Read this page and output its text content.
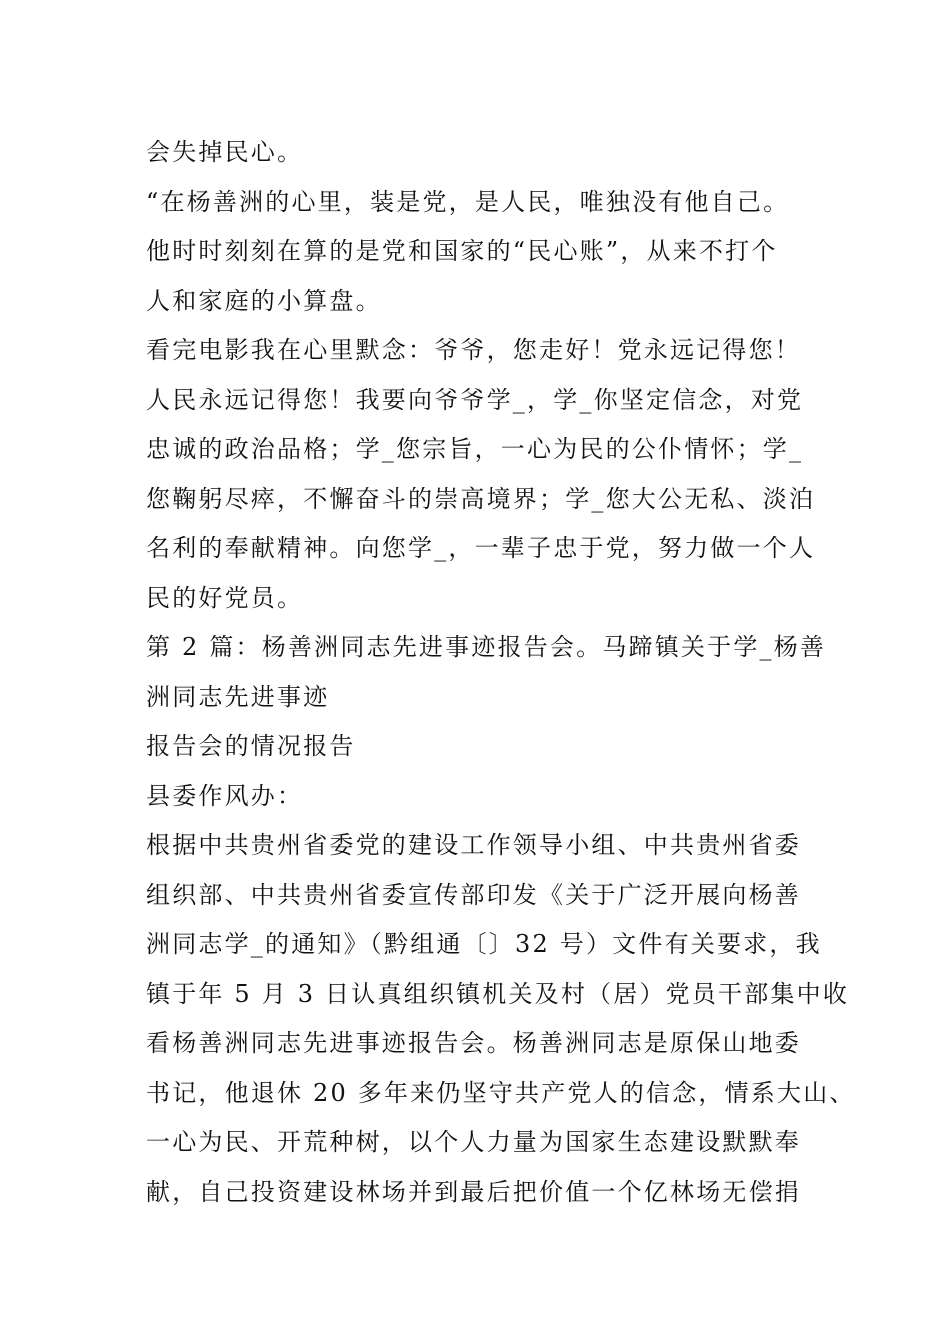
会失掉民心。
“在杨善洲的心里，装是党，是人民，唯独没有他自己。
他时时刻刻在算的是党和国家的“民心账”，从来不打个
人和家庭的小算盘。
看完电影我在心里默念：爷爷，您走好！党永远记得您！
人民永远记得您！我要向爷爷学_，学_你坚定信念，对党
忠诚的政治品格；学_您宗旨，一心为民的公仆情怀；学_
您鞠躬尽瘁，不懈奋斗的崇高境界；学_您大公无私、淡泊
名利的奉献精神。向您学_，一辈子忠于党，努力做一个人
民的好党员。
第 2 篇：杨善洲同志先进事迹报告会。马蹄镇关于学_杨善
洲同志先进事迹
报告会的情况报告
县委作风办：
根据中共贵州省委党的建设工作领导小组、中共贵州省委
组织部、中共贵州省委宣传部印发《关于广泛开展向杨善
洲同志学_的通知》（黔组通〔〕32 号）文件有关要求，我
镇于年 5 月 3 日认真组织镇机关及村（居）党员干部集中收
看杨善洲同志先进事迹报告会。杨善洲同志是原保山地委
书记，他退休 20 多年来仍坚守共产党人的信念，情系大山、
一心为民、开荒种树，以个人力量为国家生态建设默默奉
献，自己投资建设林场并到最后把价值一个亿林场无偿捐
